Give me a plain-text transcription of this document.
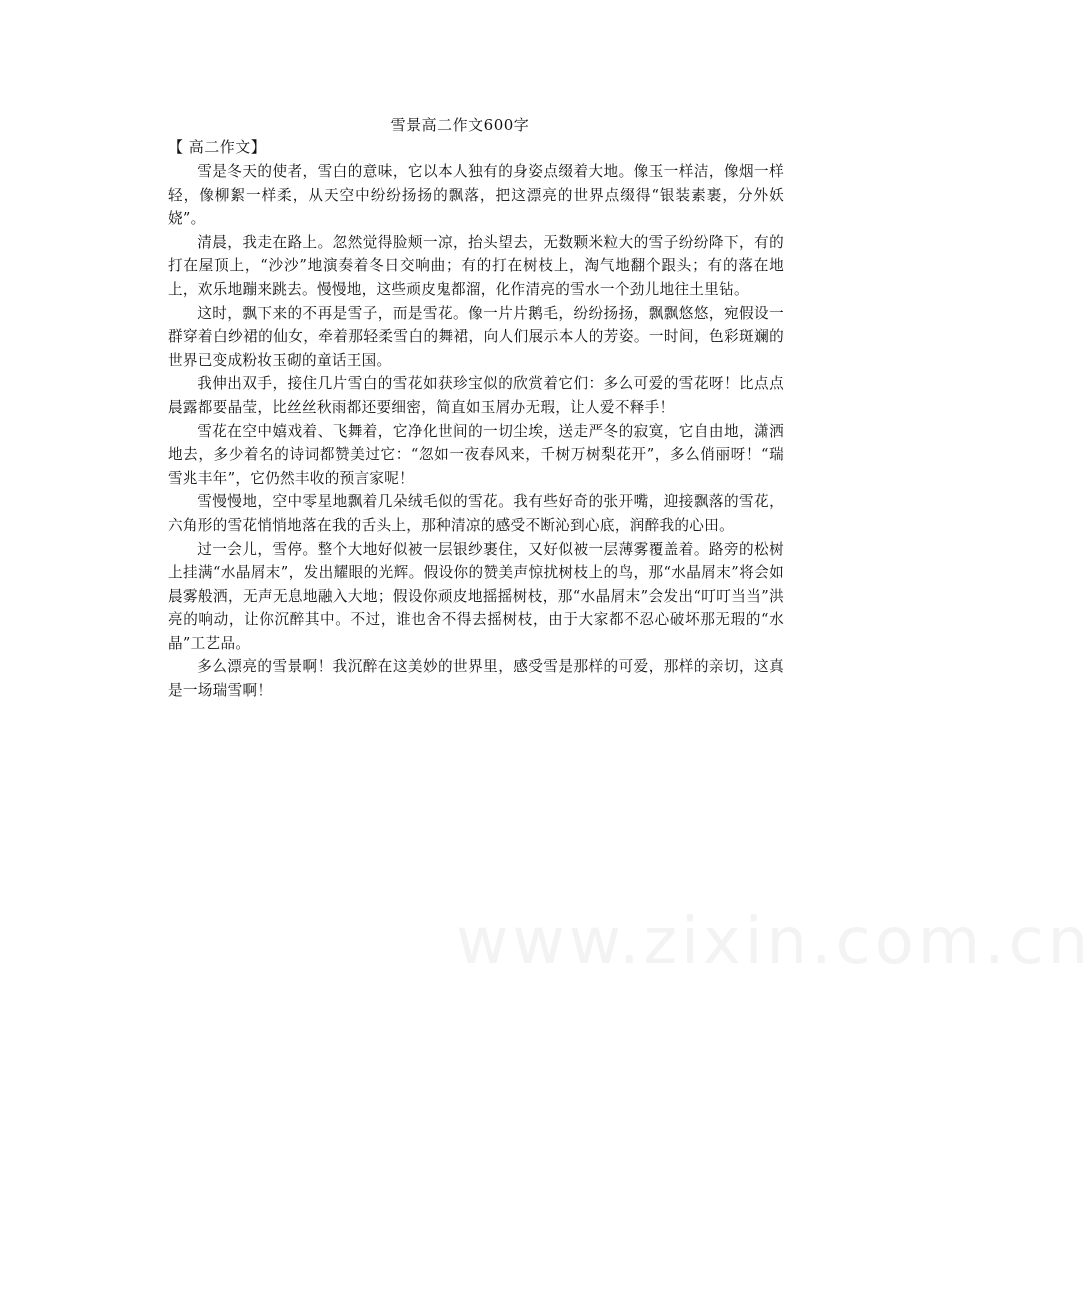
雪景高二作文600字
【 高二作文】

雪是冬天的使者，雪白的意味，它以本人独有的身姿点缀着大地。像玉一样洁，像烟一样轻，像柳絮一样柔，从天空中纷纷扬扬的飘落，把这漂亮的世界点缀得“银装素裹，分外妖娆”。

清晨，我走在路上。忽然觉得脸颊一凉，抬头望去，无数颗米粒大的雪子纷纷降下，有的打在屋顶上，“沙沙”地演奏着冬日交响曲；有的打在树枝上，淘气地翻个跟头；有的落在地上，欢乐地蹦来跳去。慢慢地，这些顽皮鬼都溜，化作清亮的雪水一个劲儿地往土里钻。

这时，飘下来的不再是雪子，而是雪花。像一片片鹅毛，纷纷扬扬，飘飘悠悠，宛假设一群穿着白纱裙的仙女，牵着那轻柔雪白的舞裙，向人们展示本人的芳姿。一时间，色彩斑斓的世界已变成粉妆玉砌的童话王国。

我伸出双手，接住几片雪白的雪花如获珍宝似的欣赏着它们：多么可爱的雪花呀！比点点晨露都要晶莹，比丝丝秋雨都还要细密，简直如玉屑办无瑕，让人爱不释手！

雪花在空中嬉戏着、飞舞着，它净化世间的一切尘埃，送走严冬的寂寞，它自由地，潇洒地去，多少着名的诗词都赞美过它：“忽如一夜春风来，千树万树梨花开”，多么俏丽呀！“瑞雪兆丰年”，它仍然丰收的预言家呢！

雪慢慢地，空中零星地飘着几朵绒毛似的雪花。我有些好奇的张开嘴，迎接飘落的雪花，六角形的雪花悄悄地落在我的舌头上，那种清凉的感受不断沁到心底，润醉我的心田。

过一会儿，雪停。整个大地好似被一层银纱裹住，又好似被一层薄雾覆盖着。路旁的松树上挂满“水晶屑末”，发出耀眼的光辉。假设你的赞美声惊扰树枝上的鸟，那“水晶屑末”将会如晨雾般洒，无声无息地融入大地；假设你顽皮地摇摇树枝，那“水晶屑末”会发出“叮叮当当”洪亮的响动，让你沉醉其中。不过，谁也舍不得去摇树枝，由于大家都不忍心破坏那无瑕的“水晶”工艺品。

多么漂亮的雪景啊！我沉醉在这美妙的世界里，感受雪是那样的可爱，那样的亲切，这真是一场瑞雪啊！

www.zixin.com.cn
